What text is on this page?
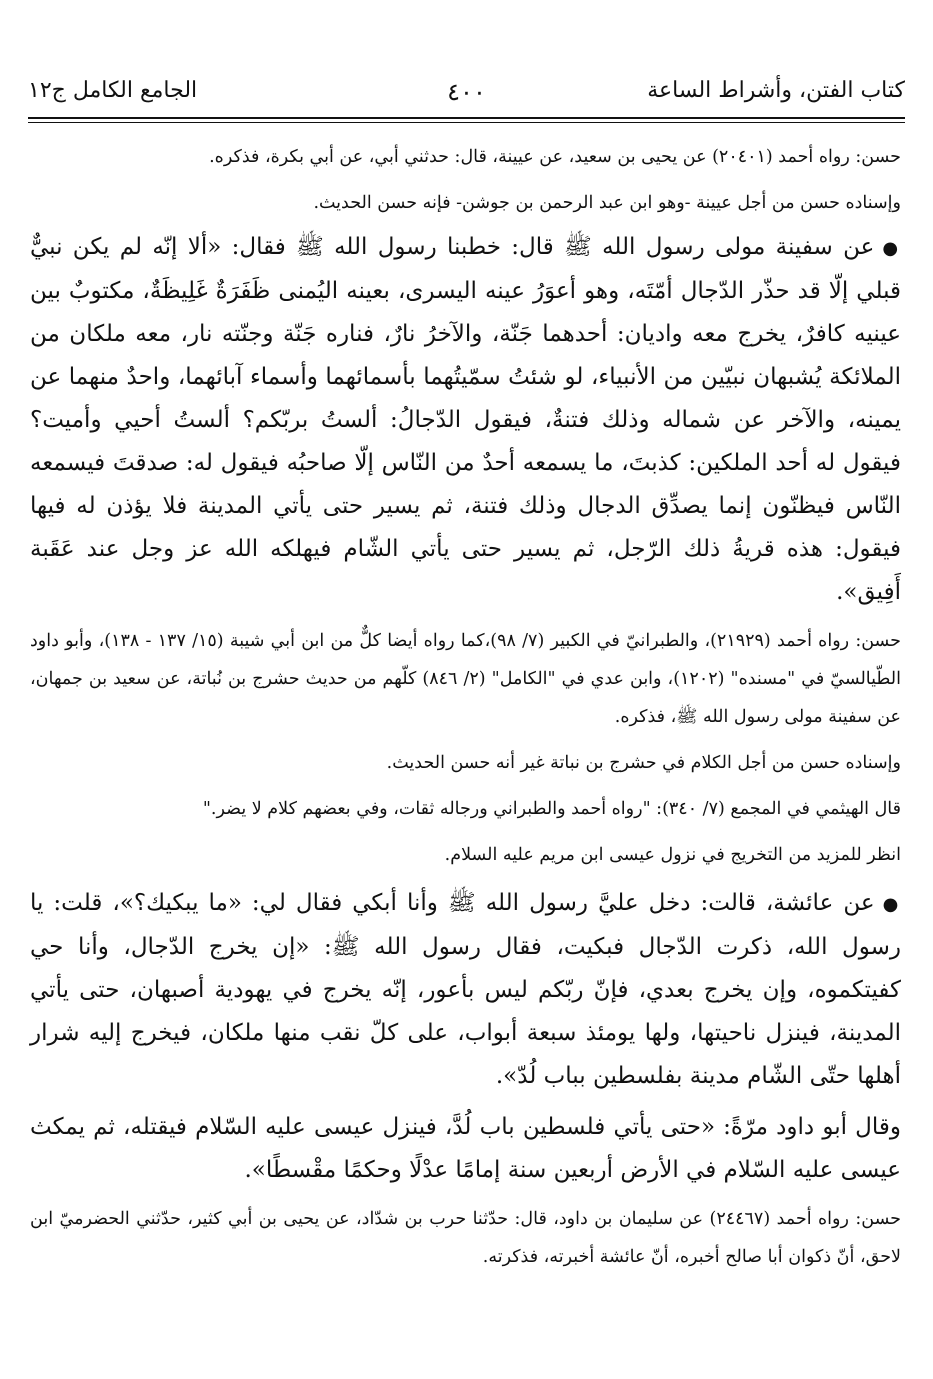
كتاب الفتن، وأشراط الساعة
٤٠٠
الجامع الكامل ج١٢

حسن: رواه أحمد (٢٠٤٠١) عن يحيى بن سعيد، عن عيينة، قال: حدثني أبي، عن أبي بكرة، فذكره.

وإسناده حسن من أجل عيينة -وهو ابن عبد الرحمن بن جوشن- فإنه حسن الحديث.

●عن سفينة مولى رسول الله ﷺ قال: خطبنا رسول الله ﷺ فقال: «ألا إنّه لم يكن نبيٌّ قبلي إلّا قد حذّر الدّجال أمّتَه، وهو أعوَرُ عينه اليسرى، بعينه اليُمنى ظَفَرَةٌ غَلِيظَةٌ، مكتوبٌ بين عينيه كافرٌ، يخرج معه واديان: أحدهما جَنّة، والآخرُ نارٌ، فناره جَنّة وجنّته نار، معه ملكان من الملائكة يُشبهان نبيّين من الأنبياء، لو شئتُ سمّيتُهما بأسمائهما وأسماء آبائهما، واحدٌ منهما عن يمينه، والآخر عن شماله وذلك فتنةٌ، فيقول الدّجالُ: ألستُ بربّكم؟ ألستُ أحيي وأميت؟ فيقول له أحد الملكين: كذبتَ، ما يسمعه أحدٌ من النّاس إلّا صاحبُه فيقول له: صدقتَ فيسمعه النّاس فيظنّون إنما يصدِّق الدجال وذلك فتنة، ثم يسير حتى يأتي المدينة فلا يؤذن له فيها فيقول: هذه قريةُ ذلك الرّجل، ثم يسير حتى يأتي الشّام فيهلكه الله عز وجل عند عَقَبة أَفِيق».

حسن: رواه أحمد (٢١٩٢٩)، والطبرانيّ في الكبير (٧/ ٩٨)،كما رواه أيضا كلٌّ من ابن أبي شيبة (١٥/ ١٣٧ - ١٣٨)، وأبو داود الطّيالسيّ في "مسنده" (١٢٠٢)، وابن عدي في "الكامل" (٢/ ٨٤٦) كلّهم من حديث حشرج بن نُباتة، عن سعيد بن جمهان، عن سفينة مولى رسول الله ﷺ، فذكره.

وإسناده حسن من أجل الكلام في حشرج بن نباتة غير أنه حسن الحديث.

قال الهيثمي في المجمع (٧/ ٣٤٠): "رواه أحمد والطبراني ورجاله ثقات، وفي بعضهم كلام لا يضر."

انظر للمزيد من التخريج في نزول عيسى ابن مريم عليه السلام.

●عن عائشة، قالت: دخل عليَّ رسول الله ﷺ وأنا أبكي فقال لي: «ما يبكيك؟»، قلت: يا رسول الله، ذكرت الدّجال فبكيت، فقال رسول الله ﷺ: «إن يخرج الدّجال، وأنا حي كفيتكموه، وإن يخرج بعدي، فإنّ ربّكم ليس بأعور، إنّه يخرج في يهودية أصبهان، حتى يأتي المدينة، فينزل ناحيتها، ولها يومئذ سبعة أبواب، على كلّ نقب منها ملكان، فيخرج إليه شرار أهلها حتّى الشّام مدينة بفلسطين بباب لُدّ».

وقال أبو داود مرّةً: «حتى يأتي فلسطين باب لُدَّ، فينزل عيسى عليه السّلام فيقتله، ثم يمكث عيسى عليه السّلام في الأرض أربعين سنة إمامًا عدْلًا وحكمًا مقْسطًا».

حسن: رواه أحمد (٢٤٤٦٧) عن سليمان بن داود، قال: حدّثنا حرب بن شدّاد، عن يحيى بن أبي كثير، حدّثني الحضرميّ ابن لاحق، أنّ ذكوان أبا صالح أخبره، أنّ عائشة أخبرته، فذكرته.
